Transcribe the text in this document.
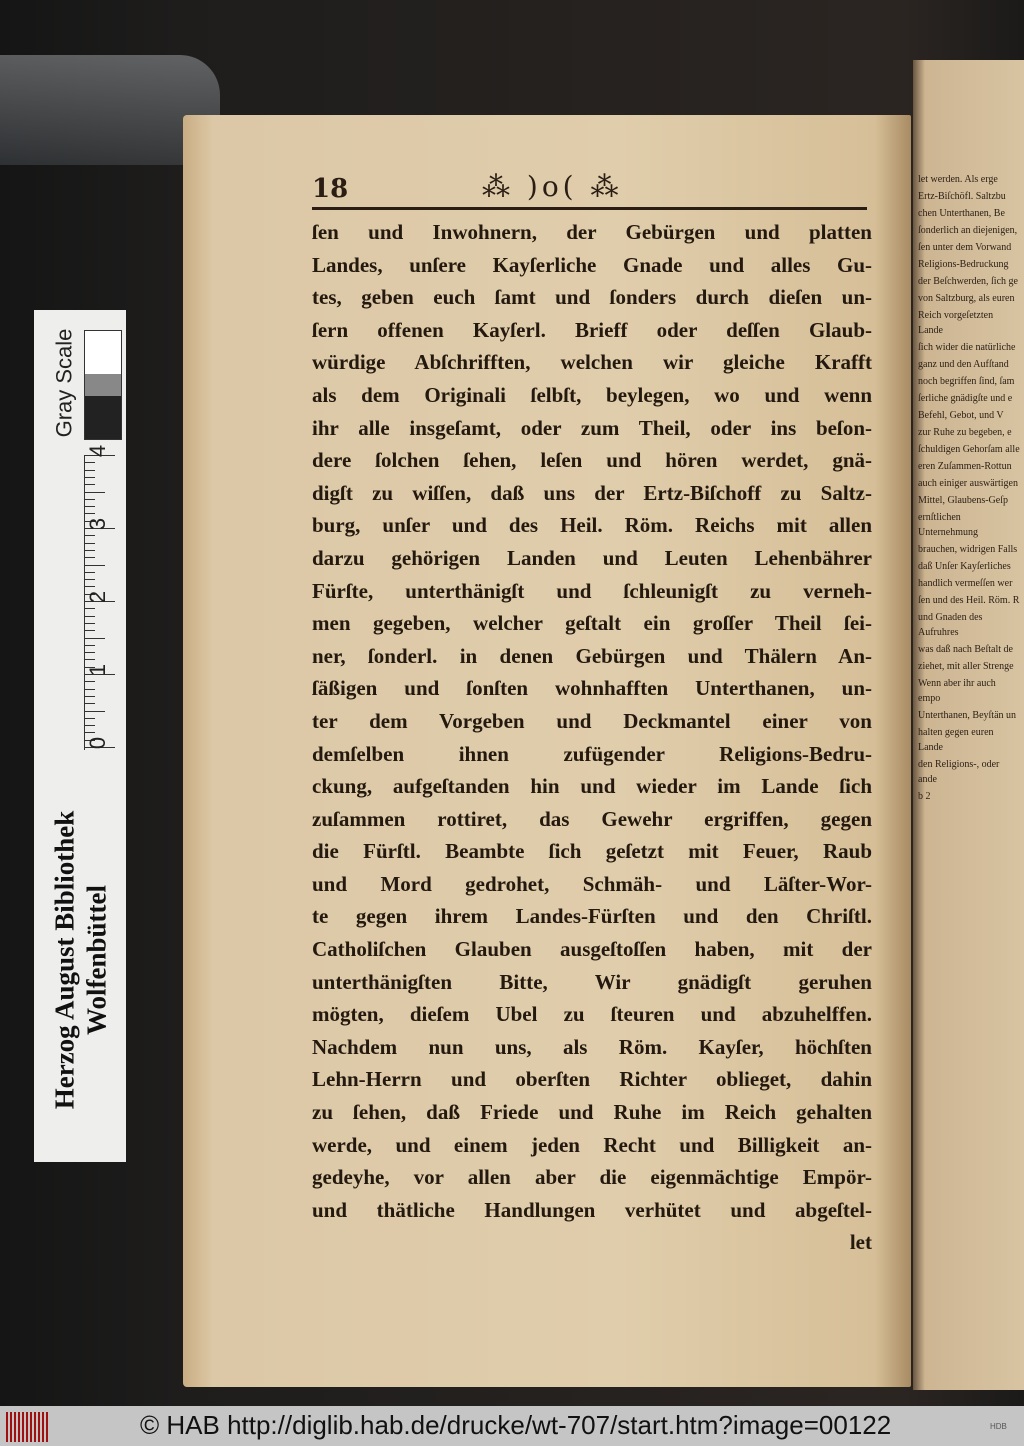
Gray Scale
0
1
2
3
4
Herzog August Bibliothek
Wolfenbüttel
let werden. Als erge
Ertz-Biſchöfl. Saltzbu
chen Unterthanen, Be
ſonderlich an diejenigen,
ſen unter dem Vorwand
Religions-Bedruckung
der Beſchwerden, ſich ge
von Saltzburg, als euren
Reich vorgeſetzten Lande
ſich wider die natürliche
ganz und den Aufſtand
noch begriffen ſind, ſam
ſerliche gnädigſte und e
Befehl, Gebot, und V
zur Ruhe zu begeben, e
ſchuldigen Gehorſam alle
eren Zuſammen-Rottun
auch einiger auswärtigen
Mittel, Glaubens-Geſp
ernſtlichen Unternehmung
brauchen, widrigen Falls
daß Unſer Kayſerliches
handlich vermeſſen wer
ſen und des Heil. Röm. R
und Gnaden des Aufruhres
was daß nach Beſtalt de
ziehet, mit aller Strenge
Wenn aber ihr auch empo
Unterthanen, Beyſtän un
halten gegen euren Lande
den Religions-, oder ande
b 2
18	⁂ )o( ⁂
ſen und Inwohnern, der Gebürgen und platten
Landes, unſere Kayſerliche Gnade und alles Gu-
tes, geben euch ſamt und ſonders durch dieſen un-
ſern offenen Kayſerl. Brieff oder deſſen Glaub-
würdige Abſchrifften, welchen wir gleiche Krafft
als dem Originali ſelbſt, beylegen, wo und wenn
ihr alle insgeſamt, oder zum Theil, oder ins beſon-
dere ſolchen ſehen, leſen und hören werdet, gnä-
digſt zu wiſſen, daß uns der Ertz-Biſchoff zu Saltz-
burg, unſer und des Heil. Röm. Reichs mit allen
darzu gehörigen Landen und Leuten Lehenbährer
Fürſte, unterthänigſt und ſchleunigſt zu verneh-
men gegeben, welcher geſtalt ein groſſer Theil ſei-
ner, ſonderl. in denen Gebürgen und Thälern An-
ſäßigen und ſonſten wohnhafften Unterthanen, un-
ter dem Vorgeben und Deckmantel einer von
demſelben ihnen zufügender Religions-Bedru-
ckung, aufgeſtanden hin und wieder im Lande ſich
zuſammen rottiret, das Gewehr ergriffen, gegen
die Fürſtl. Beambte ſich geſetzt mit Feuer, Raub
und Mord gedrohet, Schmäh- und Läſter-Wor-
te gegen ihrem Landes-Fürſten und den Chriſtl.
Catholiſchen Glauben ausgeſtoſſen haben, mit der
unterthänigſten Bitte, Wir gnädigſt geruhen
mögten, dieſem Ubel zu ſteuren und abzuhelffen.
Nachdem nun uns, als Röm. Kayſer, höchſten
Lehn-Herrn und oberſten Richter oblieget, dahin
zu ſehen, daß Friede und Ruhe im Reich gehalten
werde, und einem jeden Recht und Billigkeit an-
gedeyhe, vor allen aber die eigenmächtige Empör-
und thätliche Handlungen verhütet und abgeſtel-
let
© HAB http://diglib.hab.de/drucke/wt-707/start.htm?image=00122	HDB
